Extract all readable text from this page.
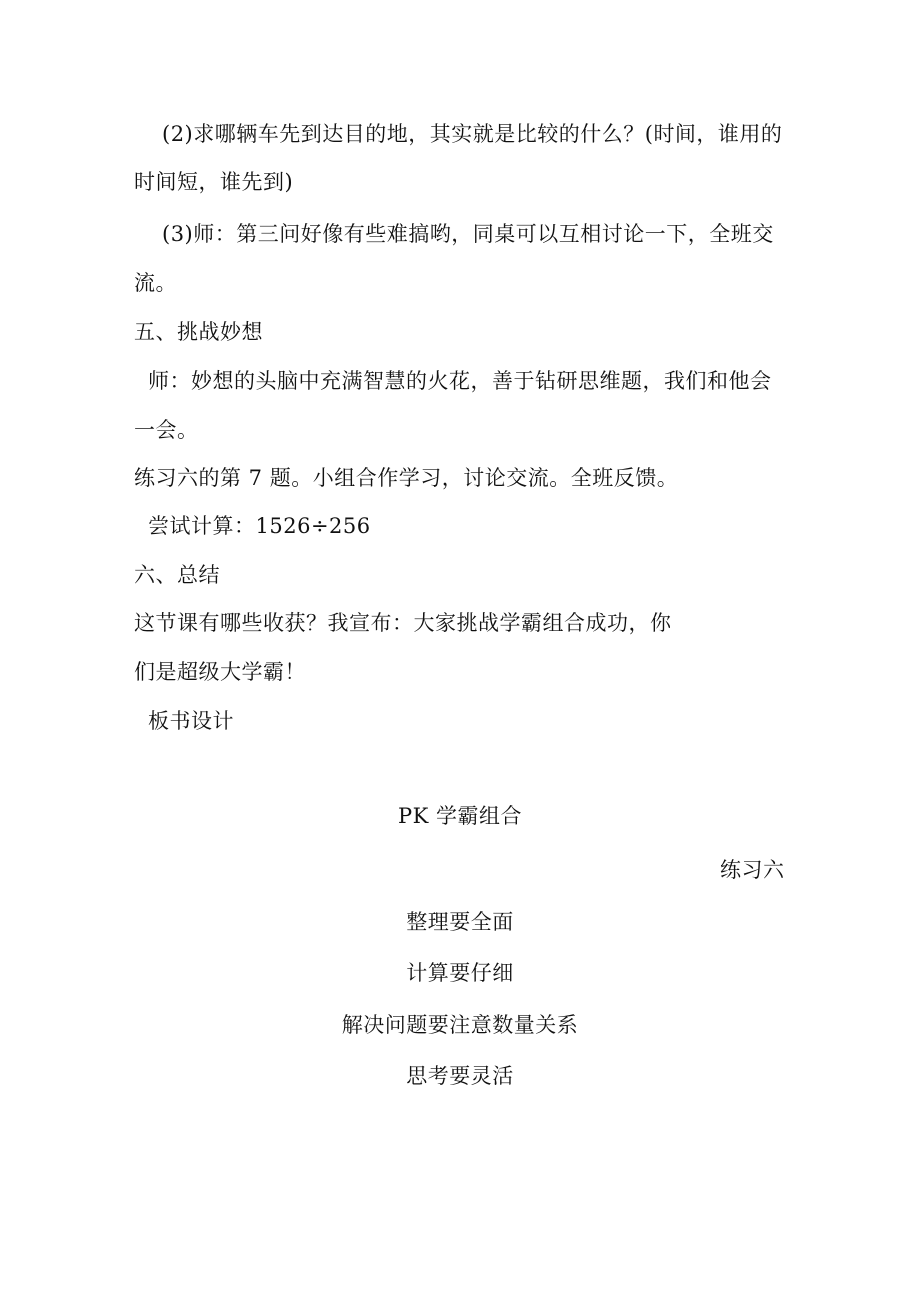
(2)求哪辆车先到达目的地，其实就是比较的什么？(时间，谁用的
时间短，谁先到)
(3)师：第三问好像有些难搞哟，同桌可以互相讨论一下，全班交
流。
五、挑战妙想
师：妙想的头脑中充满智慧的火花，善于钻研思维题，我们和他会
一会。
练习六的第 7 题。小组合作学习，讨论交流。全班反馈。
尝试计算：1526÷256
六、总结
这节课有哪些收获？我宣布：大家挑战学霸组合成功，你
们是超级大学霸！
板书设计
PK 学霸组合
练习六
整理要全面
计算要仔细
解决问题要注意数量关系
思考要灵活
